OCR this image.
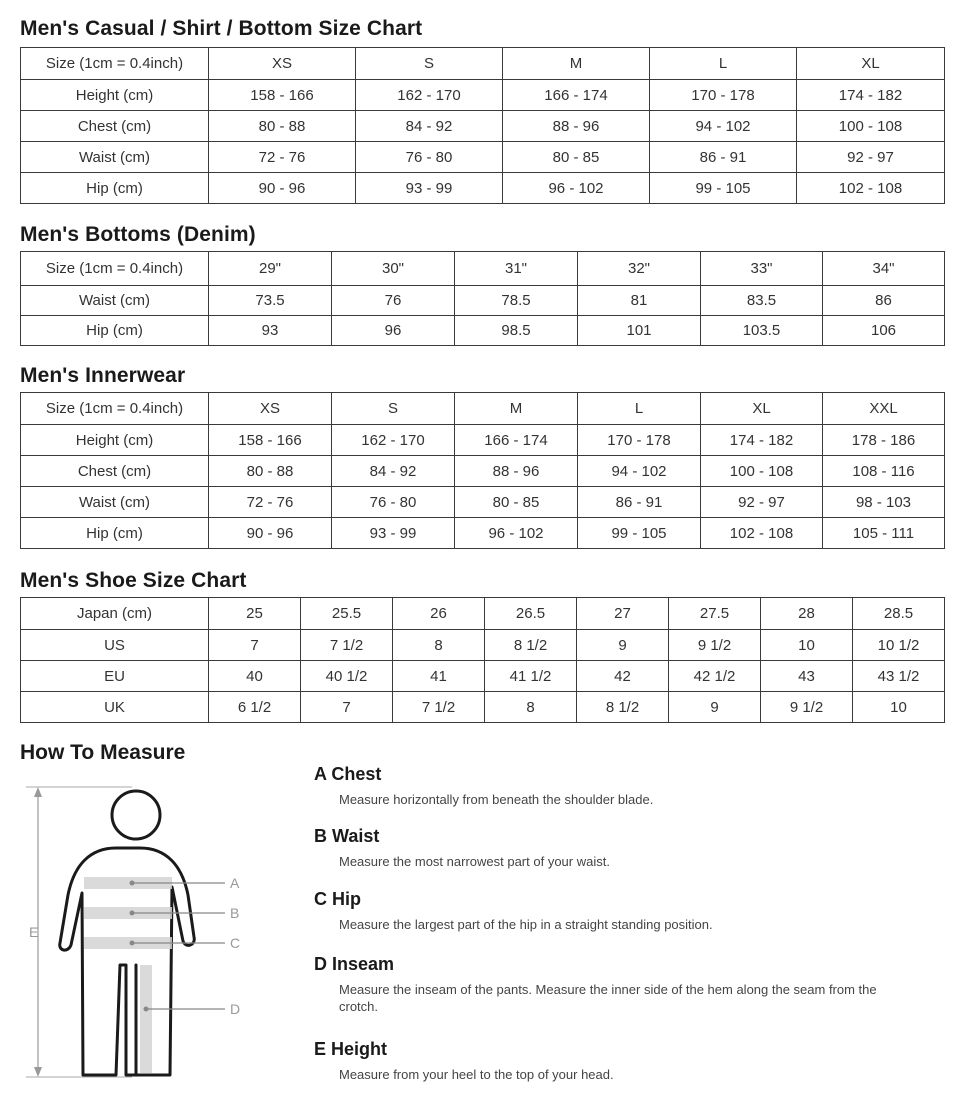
Men's Casual / Shirt / Bottom Size Chart
Size (1cm = 0.4inch)	XS	S	M	L	XL
Height (cm)	158 - 166	162 - 170	166 - 174	170 - 178	174 - 182
Chest (cm)	80 - 88	84 - 92	88 - 96	94 - 102	100 - 108
Waist (cm)	72 - 76	76 - 80	80 - 85	86 - 91	92 - 97
Hip (cm)	90 - 96	93 - 99	96 - 102	99 - 105	102 - 108
Men's Bottoms (Denim)
Size (1cm = 0.4inch)	29"	30"	31"	32"	33"	34"
Waist (cm)	73.5	76	78.5	81	83.5	86
Hip (cm)	93	96	98.5	101	103.5	106
Men's Innerwear
Size (1cm = 0.4inch)	XS	S	M	L	XL	XXL
Height (cm)	158 - 166	162 - 170	166 - 174	170 - 178	174 - 182	178 - 186
Chest (cm)	80 - 88	84 - 92	88 - 96	94 - 102	100 - 108	108 - 116
Waist (cm)	72 - 76	76 - 80	80 - 85	86 - 91	92 - 97	98 - 103
Hip (cm)	90 - 96	93 - 99	96 - 102	99 - 105	102 - 108	105 - 111
Men's Shoe Size Chart
Japan (cm)	25	25.5	26	26.5	27	27.5	28	28.5
US	7	7 1/2	8	8 1/2	9	9 1/2	10	10 1/2
EU	40	40 1/2	41	41 1/2	42	42 1/2	43	43 1/2
UK	6 1/2	7	7 1/2	8	8 1/2	9	9 1/2	10
How To Measure
A
B
C
D
E
A Chest
Measure horizontally from beneath the shoulder blade.
B Waist
Measure the most narrowest part of your waist.
C Hip
Measure the largest part of the hip in a straight standing position.
D Inseam
Measure the inseam of the pants. Measure the inner side of the hem along the seam from the crotch.
E Height
Measure from your heel to the top of your head.
